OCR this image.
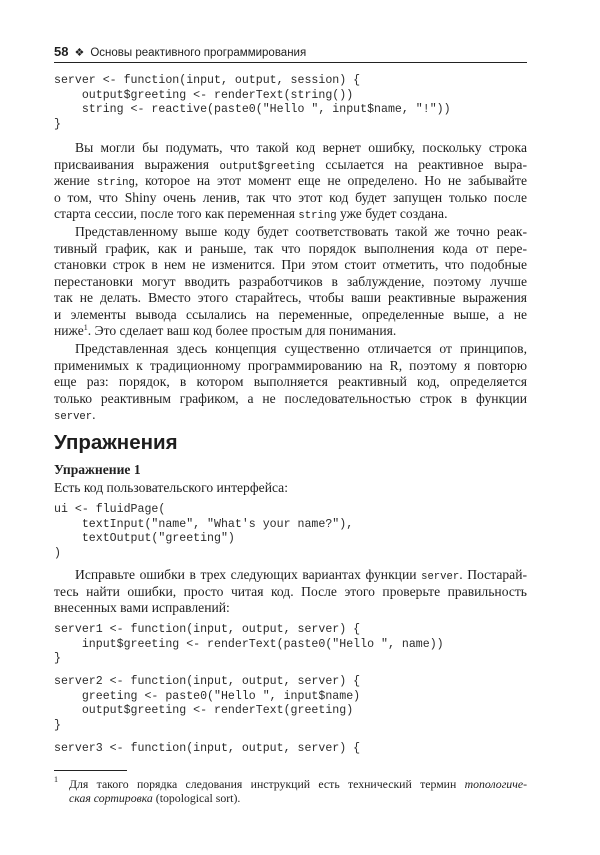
58 ❖ Основы реактивного программирования
server <- function(input, output, session) {
output$greeting <- renderText(string())
string <- reactive(paste0("Hello ", input$name, "!"))
}
Вы могли бы подумать, что такой код вернет ошибку, поскольку строка
присваивания выражения output$greeting ссылается на реактивное выра-
жение string, которое на этот момент еще не определено. Но не забывайте
о том, что Shiny очень ленив, так что этот код будет запущен только после
старта сессии, после того как переменная string уже будет создана.
Представленному выше коду будет соответствовать такой же точно реак-
тивный график, как и раньше, так что порядок выполнения кода от пере-
становки строк в нем не изменится. При этом стоит отметить, что подобные
перестановки могут вводить разработчиков в заблуждение, поэтому лучше
так не делать. Вместо этого старайтесь, чтобы ваши реактивные выражения
и элементы вывода ссылались на переменные, определенные выше, а не
ниже$^1$. Это сделает ваш код более простым для понимания.
Представленная здесь концепция существенно отличается от принципов,
применимых к традиционному программированию на R, поэтому я повторю
еще раз: порядок, в котором выполняется реактивный код, определяется
только реактивным графиком, а не последовательностью строк в функции
server.
Упражнения
Упражнение 1
Есть код пользовательского интерфейса:
ui <- fluidPage(
textInput("name", "What's your name?"),
textOutput("greeting")
)
Исправьте ошибки в трех следующих вариантах функции server. Постарай-
тесь найти ошибки, просто читая код. После этого проверьте правильность
внесенных вами исправлений:
server1 <- function(input, output, server) {
input$greeting <- renderText(paste0("Hello ", name))
}
server2 <- function(input, output, server) {
greeting <- paste0("Hello ", input$name)
output$greeting <- renderText(greeting)
}
server3 <- function(input, output, server) {
1 Для такого порядка следования инструкций есть технический термин топологиче-
ская сортировка (topological sort).
